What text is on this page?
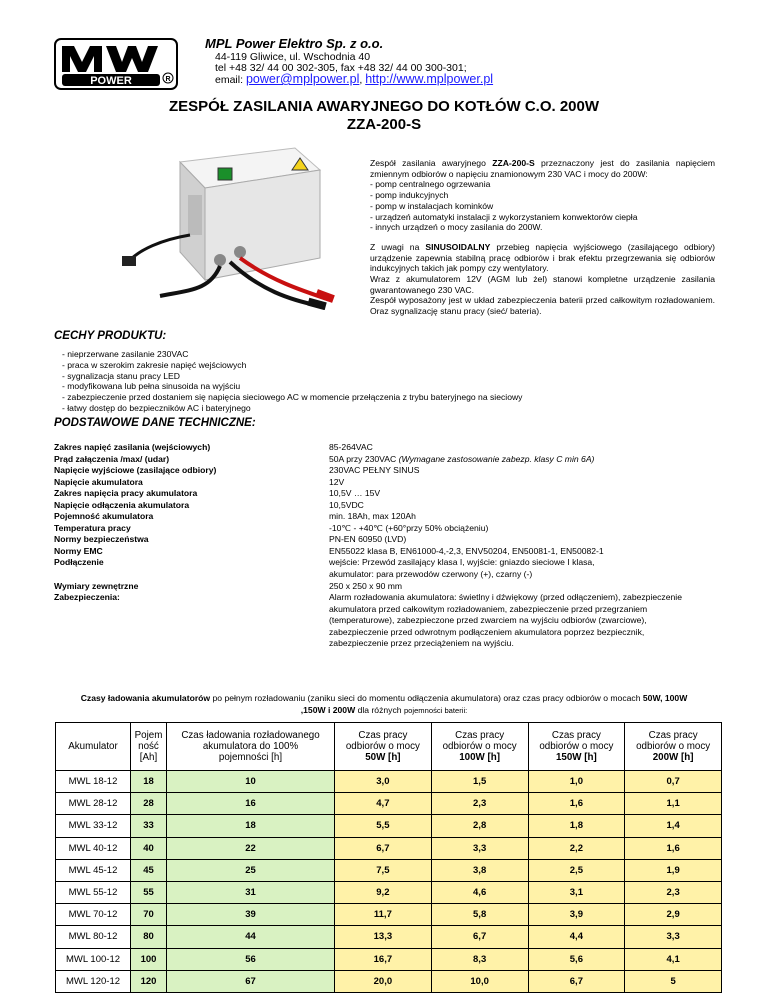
POWER	R
MPL Power Elektro Sp. z o.o.
44-119 Gliwice, ul. Wschodnia 40
tel +48 32/ 44 00 302-305, fax +48 32/ 44 00 300-301;
email: power@mplpower.pl, http://www.mplpower.pl
ZESPÓŁ ZASILANIA AWARYJNEGO DO KOTŁÓW C.O. 200W
ZZA-200-S

Zespół zasilania awaryjnego ZZA-200-S przeznaczony jest do zasilania napięciem zmiennym odbiorów o napięciu znamionowym 230 VAC i mocy do 200W:
- pomp centralnego ogrzewania
- pomp indukcyjnych
- pomp w instalacjach kominków
- urządzeń automatyki instalacji z wykorzystaniem konwektorów ciepła
- innych urządzeń o mocy zasilania do 200W.

Z uwagi na SINUSOIDALNY przebieg napięcia wyjściowego (zasilającego odbiory) urządzenie zapewnia stabilną pracę odbiorów i brak efektu przegrzewania się odbiorów indukcyjnych takich jak pompy czy wentylatory.
Wraz z akumulatorem 12V (AGM lub żel) stanowi kompletne urządzenie zasilania gwarantowanego 230 VAC.
Zespół wyposażony jest w układ zabezpieczenia baterii przed całkowitym rozładowaniem. Oraz sygnalizację stanu pracy (sieć/ bateria).

CECHY PRODUKTU:
- nieprzerwane zasilanie 230VAC
- praca w szerokim zakresie napięć wejściowych
- sygnalizacja stanu pracy LED
- modyfikowana lub pełna sinusoida na wyjściu
- zabezpieczenie przed dostaniem się napięcia sieciowego AC w momencie przełączenia z trybu bateryjnego na sieciowy
- łatwy dostęp do bezpieczników AC i bateryjnego
PODSTAWOWE DANE TECHNICZNE:
Zakres napięć zasilania (wejściowych)	85-264VAC
Prąd załączenia /max/ (udar)	50A przy 230VAC (Wymagane zastosowanie zabezp. klasy C min 6A)
Napięcie wyjściowe (zasilające odbiory)	230VAC PEŁNY SINUS
Napięcie akumulatora	12V
Zakres napięcia pracy akumulatora	10,5V … 15V
Napięcie odłączenia akumulatora	10,5VDC
Pojemność akumulatora	min. 18Ah, max 120Ah
Temperatura pracy	-10℃ - +40℃ (+60°przy 50% obciążeniu)
Normy bezpieczeństwa	PN-EN 60950 (LVD)
Normy EMC	EN55022 klasa B, EN61000-4,-2,3, ENV50204, EN50081-1, EN50082-1
Podłączenie	wejście: Przewód zasilający klasa I, wyjście: gniazdo sieciowe I klasa,
akumulator: para przewodów czerwony (+), czarny (-)
Wymiary zewnętrzne	250 x 250 x 90 mm
Zabezpieczenia:	Alarm rozładowania akumulatora: świetlny i dźwiękowy (przed odłączeniem), zabezpieczenie akumulatora przed całkowitym rozładowaniem, zabezpieczenie przed przegrzaniem (temperaturowe), zabezpieczone przed zwarciem na wyjściu odbiorów (zwarciowe), zabezpieczenie przed odwrotnym podłączeniem akumulatora poprzez bezpiecznik, zabezpieczenie przez przeciążeniem na wyjściu.
Czasy ładowania akumulatorów po pełnym rozładowaniu (zaniku sieci do momentu odłączenia akumulatora) oraz czas pracy odbiorów o mocach 50W, 100W
,150W i 200W dla różnych pojemności baterii:
Akumulator	Pojem
ność
[Ah]	Czas ładowania rozładowanego
akumulatora do 100%
pojemności [h]	Czas pracy
odbiorów o mocy
50W [h]	Czas pracy
odbiorów o mocy
100W [h]	Czas pracy
odbiorów o mocy
150W [h]	Czas pracy
odbiorów o mocy
200W [h]
MWL 18-12	18	10	3,0	1,5	1,0	0,7
MWL 28-12	28	16	4,7	2,3	1,6	1,1
MWL 33-12	33	18	5,5	2,8	1,8	1,4
MWL 40-12	40	22	6,7	3,3	2,2	1,6
MWL 45-12	45	25	7,5	3,8	2,5	1,9
MWL 55-12	55	31	9,2	4,6	3,1	2,3
MWL 70-12	70	39	11,7	5,8	3,9	2,9
MWL 80-12	80	44	13,3	6,7	4,4	3,3
MWL 100-12	100	56	16,7	8,3	5,6	4,1
MWL 120-12	120	67	20,0	10,0	6,7	5
